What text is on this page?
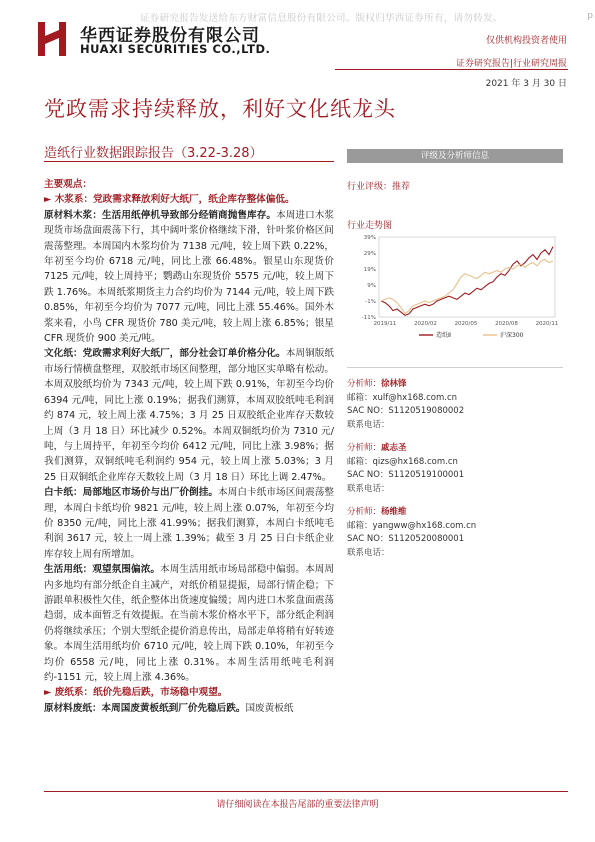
证券研究报告发送给东方财富信息股份有限公司。版权归华西证券所有，请勿转发。	p
华西证券股份有限公司
HUAXI SECURITIES CO.,LTD.
仅供机构投资者使用
证券研究报告|行业研究周报
2021 年 3 月 30 日
党政需求持续释放，利好文化纸龙头
造纸行业数据跟踪报告（3.22-3.28）

主要观点：

► 木浆系：党政需求释放利好大纸厂，纸企库存整体偏低。

原材料木浆：生活用纸停机导致部分经销商抛售库存。本周进口木浆现货市场盘面震荡下行，其中阔叶浆价格继续下滑，针叶浆价格区间震荡整理。本周国内木浆均价为 7138 元/吨，较上周下跌 0.22%，年初至今均价 6718 元/吨，同比上涨 66.48%。银星山东现货价 7125 元/吨，较上周持平；鹦鹉山东现货价 5575 元/吨，较上周下跌 1.76%。本周纸浆期货主力合约均价为 7144 元/吨，较上周下跌 0.85%，年初至今均价为 7077 元/吨，同比上涨 55.46%。国外木浆来看，小鸟 CFR 现货价 780 美元/吨，较上周上涨 6.85%；银星 CFR 现货价 900 美元/吨。

文化纸：党政需求利好大纸厂，部分社会订单价格分化。本周铜版纸市场行情横盘整理，双胶纸市场区间整理，部分地区实单略有松动。本周双胶纸均价为 7343 元/吨，较上周下跌 0.91%，年初至今均价 6394 元/吨，同比上涨 0.19%；据我们测算，本周双胶纸吨毛利润约 874 元，较上周上涨 4.75%；3 月 25 日双胶纸企业库存天数较上周（3 月 18 日）环比减少 0.52%。本周双铜纸均价为 7310 元/吨，与上周持平，年初至今均价 6412 元/吨，同比上涨 3.98%；据我们测算，双铜纸吨毛利润约 954 元，较上周上涨 5.03%；3 月 25 日双铜纸企业库存天数较上周（3 月 18 日）环比上调 2.47%。

白卡纸：局部地区市场价与出厂价倒挂。本周白卡纸市场区间震荡整理，本周白卡纸均价 9821 元/吨，较上周上涨 0.07%，年初至今均价 8350 元/吨，同比上涨 41.99%；据我们测算，本周白卡纸吨毛利润 3617 元，较上一周上涨 1.39%；截至 3 月 25 日白卡纸企业库存较上周有所增加。

生活用纸：观望氛围偏浓。本周生活用纸市场局部稳中偏弱。本周周内多地均有部分纸企自主减产，对纸价稍显提振，局部行情企稳；下游跟单积极性欠佳，纸企整体出货速度偏缓；周内进口木浆盘面震荡趋弱，成本面暂乏有效提振。在当前木浆价格水平下，部分纸企利润仍将继续承压；个别大型纸企提价消息传出，局部走单将稍有好转迹象。本周生活用纸均价 6710 元/吨，较上周下跌 0.10%，年初至今均价 6558 元/吨，同比上涨 0.31%。本周生活用纸吨毛利润约-1151 元，较上周上涨 4.36%。

► 废纸系：纸价先稳后跌，市场稳中观望。

原材料废纸：本周国废黄板纸到厂价先稳后跌。国废黄板纸

评级及分析师信息
行业评级：推荐
行业走势图
39%
29%
19%
9%
-1%
-11%
2019/11	2020/02	2020/05	2020/08	2020/11
造纸Ⅱ	沪深300
分析师：徐林锋
邮箱：xulf@hx168.com.cn
SAC NO：S1120519080002
联系电话：
分析师：戚志圣
邮箱：qizs@hx168.com.cn
SAC NO：S1120519100001
联系电话：
分析师：杨维维
邮箱：yangww@hx168.com.cn
SAC NO：S1120520080001
联系电话：
请仔细阅读在本报告尾部的重要法律声明
